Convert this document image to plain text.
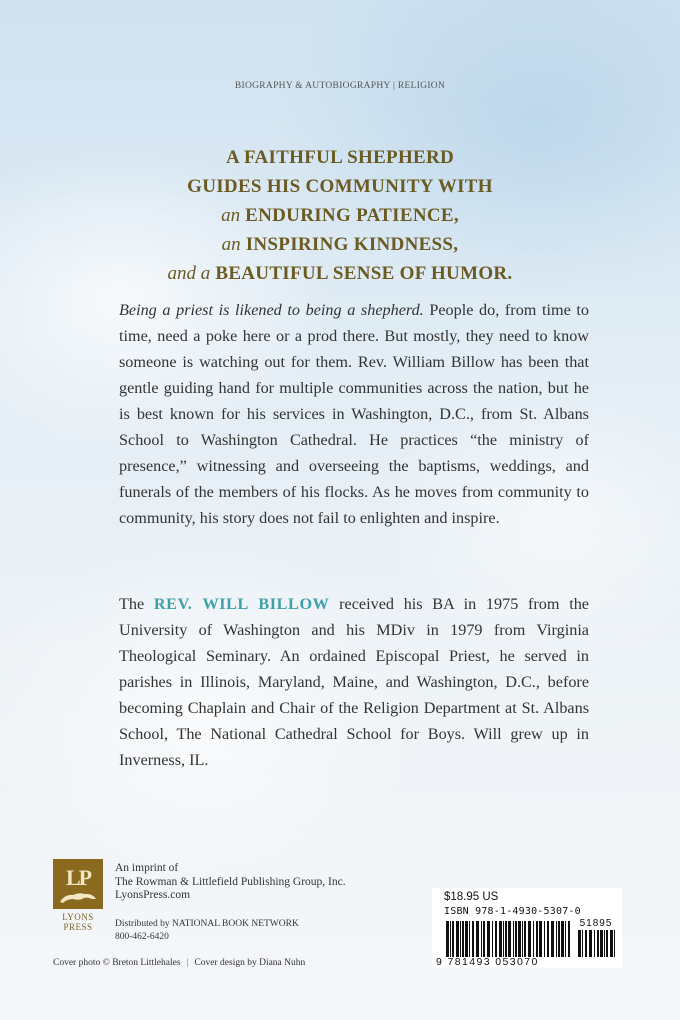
BIOGRAPHY & AUTOBIOGRAPHY | RELIGION
A FAITHFUL SHEPHERD
GUIDES HIS COMMUNITY WITH
an ENDURING PATIENCE,
an INSPIRING KINDNESS,
and a BEAUTIFUL SENSE OF HUMOR.

Being a priest is likened to being a shepherd. People do, from time to time, need a poke here or a prod there. But mostly, they need to know someone is watching out for them. Rev. William Billow has been that gentle guiding hand for multiple communities across the nation, but he is best known for his services in Washington, D.C., from St. Albans School to Washington Cathedral. He practices “the ministry of presence,” witnessing and overseeing the baptisms, weddings, and funerals of the members of his flocks. As he moves from community to community, his story does not fail to enlighten and inspire.

The REV. WILL BILLOW received his BA in 1975 from the University of Washington and his MDiv in 1979 from Virginia Theological Seminary. An ordained Episcopal Priest, he served in parishes in Illinois, Maryland, Maine, and Washington, D.C., before becoming Chaplain and Chair of the Religion Department at St. Albans School, The National Cathedral School for Boys. Will grew up in Inverness, IL.

LP
LYONS
PRESS
An imprint of
The Rowman & Littlefield Publishing Group, Inc.
LyonsPress.com
Distributed by NATIONAL BOOK NETWORK
800-462-6420
Cover photo © Breton Littlehales | Cover design by Diana Nuhn
$18.95 US
ISBN 978-1-4930-5307-0
51895
9 781493 053070
